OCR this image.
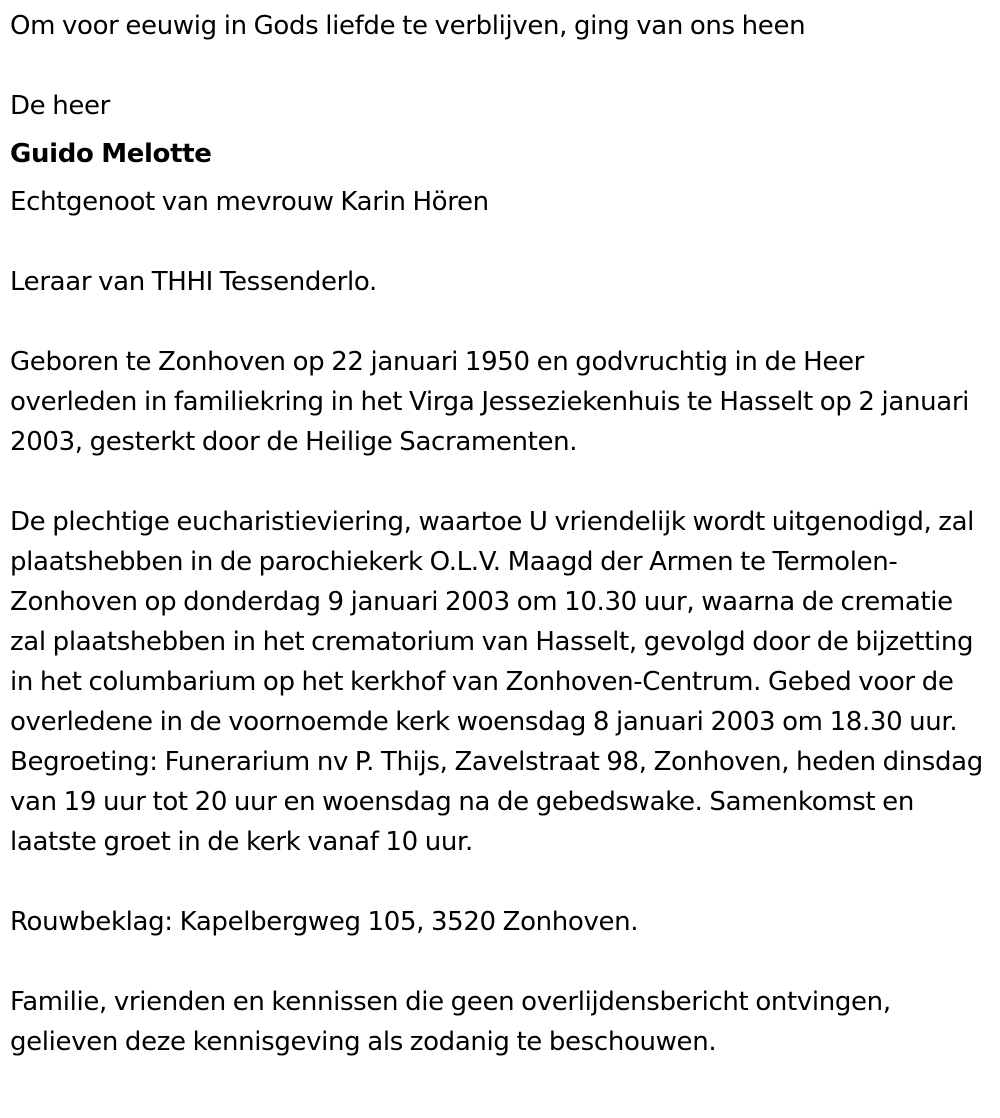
Om voor eeuwig in Gods liefde te verblijven, ging van ons heen

De heer

Guido Melotte

Echtgenoot van mevrouw Karin Hören

Leraar van THHI Tessenderlo.

Geboren te Zonhoven op 22 januari 1950 en godvruchtig in de Heer overleden in familiekring in het Virga Jesseziekenhuis te Hasselt op 2 januari 2003, gesterkt door de Heilige Sacramenten.

De plechtige eucharistieviering, waartoe U vriendelijk wordt uitgenodigd, zal plaatshebben in de parochiekerk O.L.V. Maagd der Armen te Termolen-Zonhoven op donderdag 9 januari 2003 om 10.30 uur, waarna de crematie zal plaatshebben in het crematorium van Hasselt, gevolgd door de bijzetting in het columbarium op het kerkhof van Zonhoven-Centrum. Gebed voor de overledene in de voornoemde kerk woensdag 8 januari 2003 om 18.30 uur. Begroeting: Funerarium nv P. Thijs, Zavelstraat 98, Zonhoven, heden dinsdag van 19 uur tot 20 uur en woensdag na de gebedswake. Samenkomst en laatste groet in de kerk vanaf 10 uur.

Rouwbeklag: Kapelbergweg 105, 3520 Zonhoven.

Familie, vrienden en kennissen die geen overlijdensbericht ontvingen, gelieven deze kennisgeving als zodanig te beschouwen.
